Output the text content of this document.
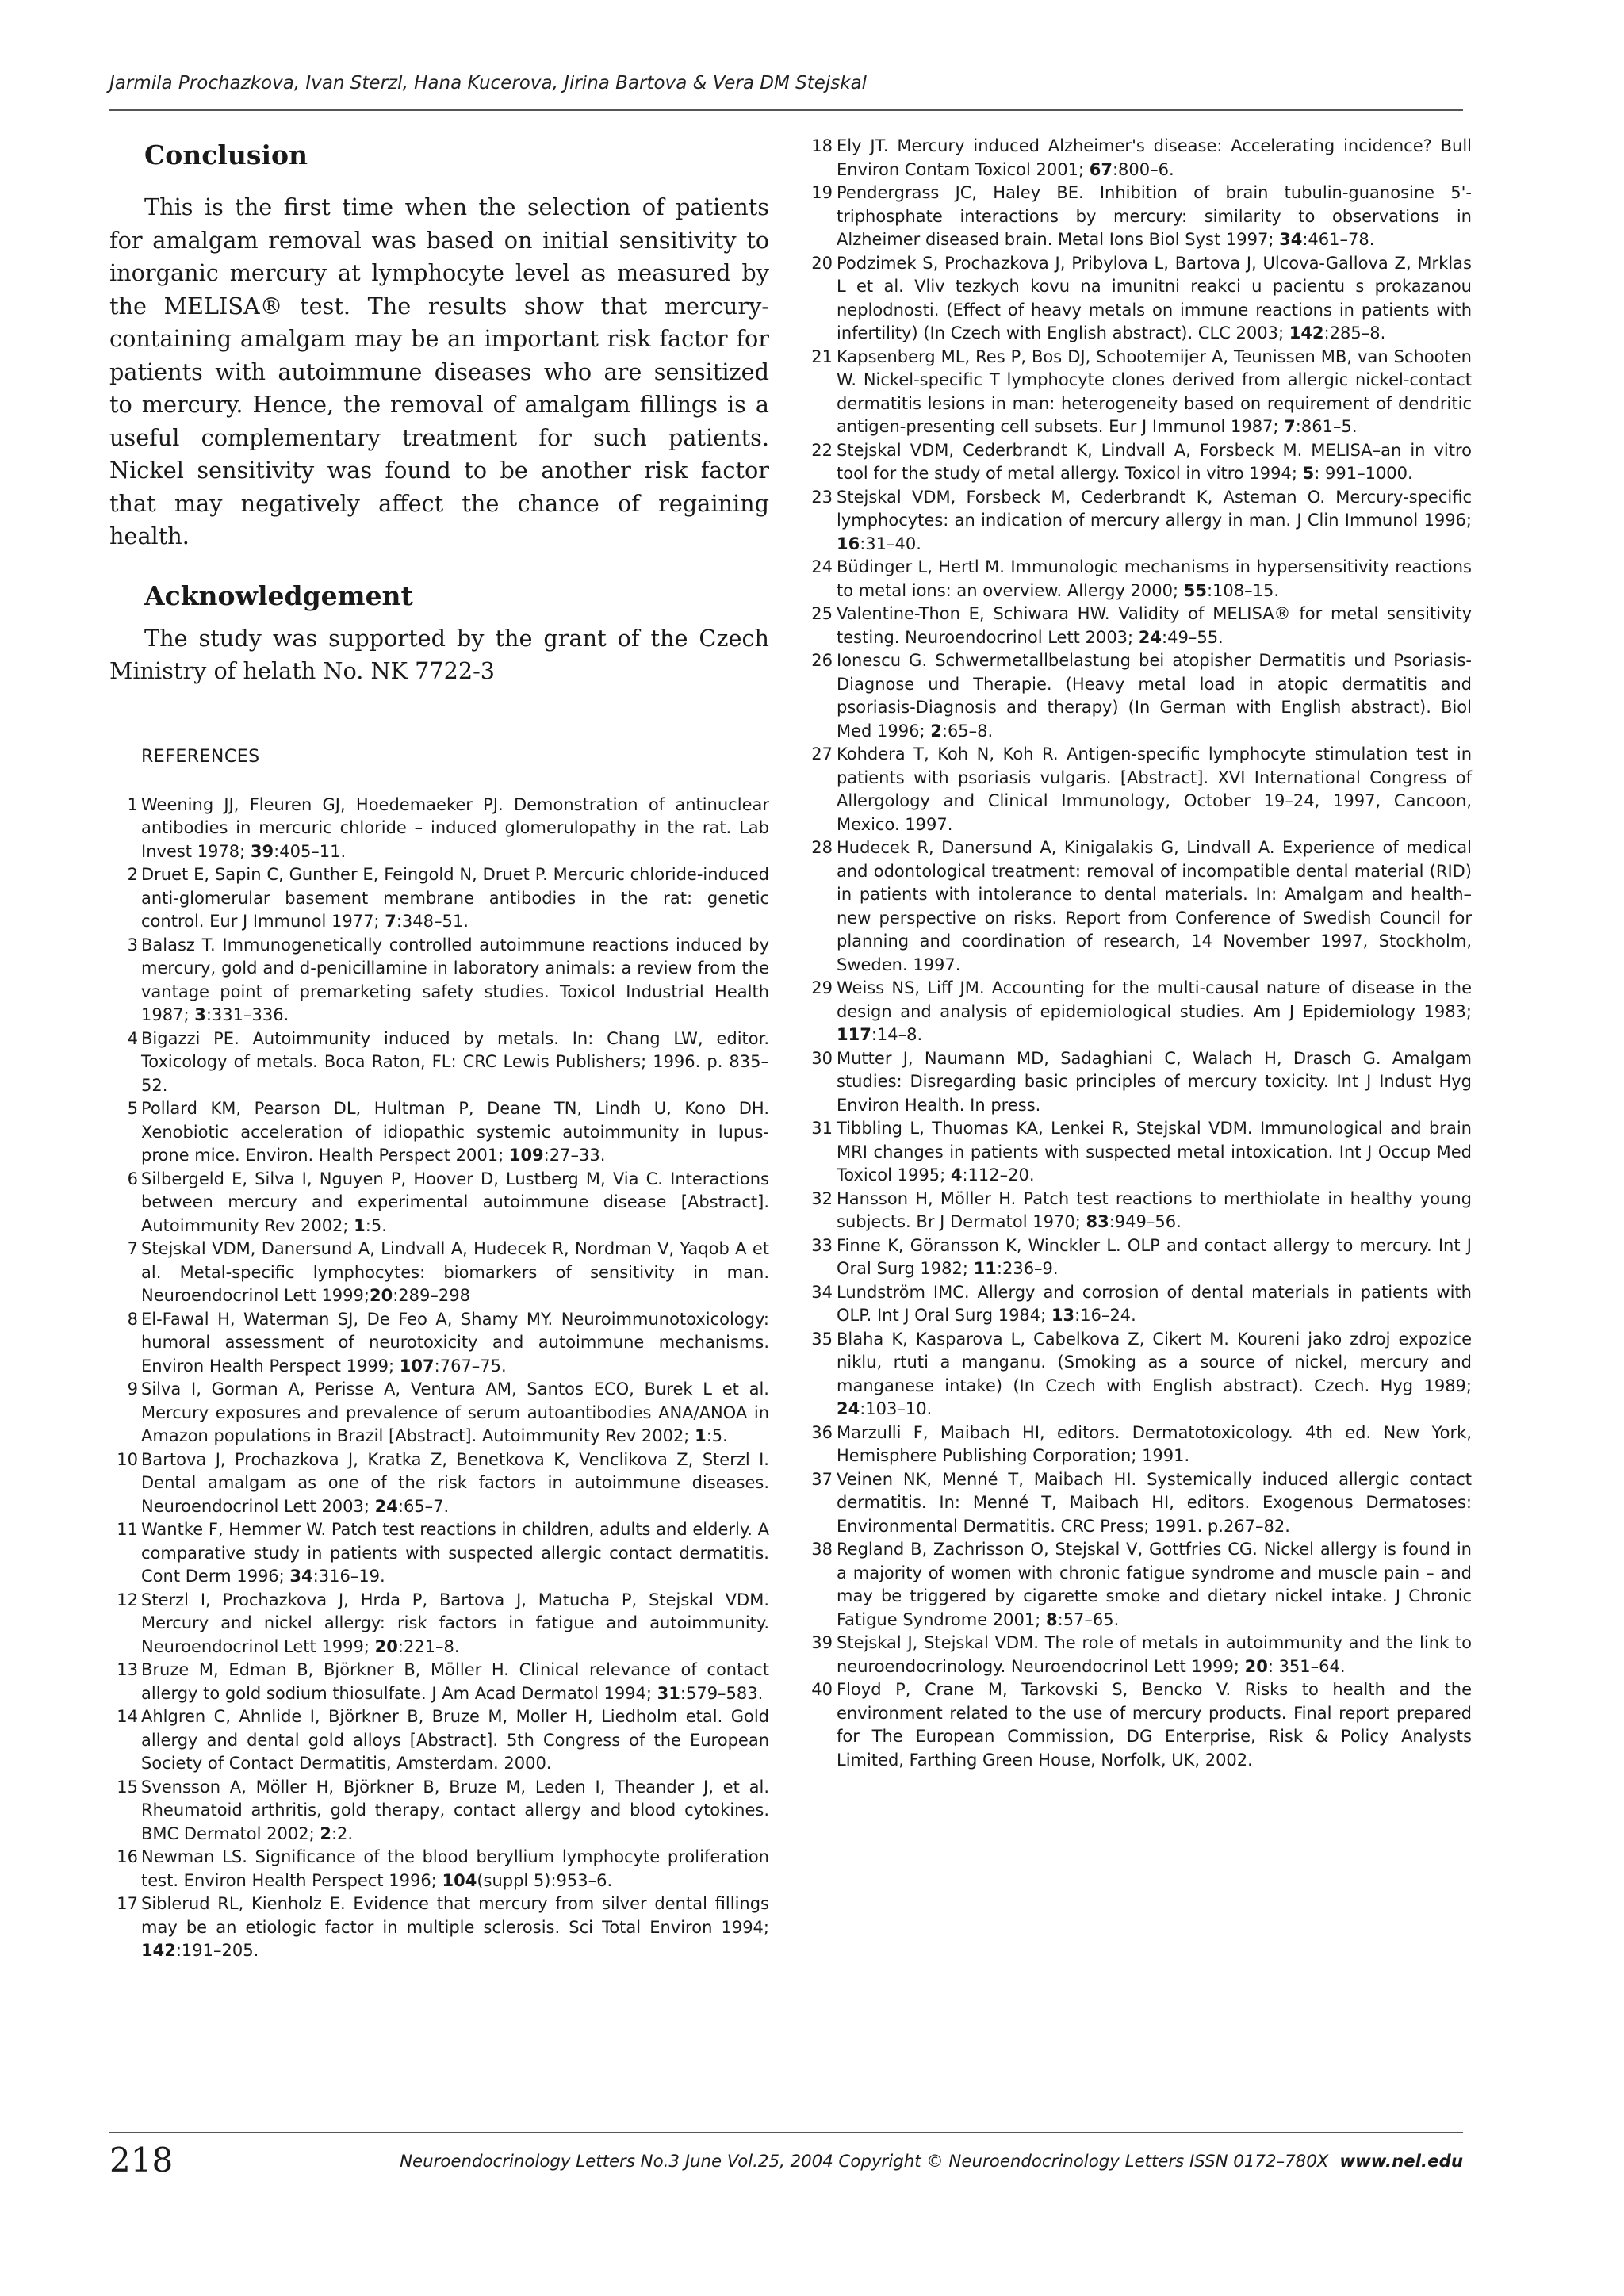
Jarmila Prochazkova, Ivan Sterzl, Hana Kucerova, Jirina Bartova & Vera DM Stejskal
Conclusion

This is the first time when the selection of patients for amalgam removal was based on initial sensitivity to inorganic mercury at lymphocyte level as measured by the MELISA® test. The results show that mercury-containing amalgam may be an important risk factor for patients with autoimmune diseases who are sensitized to mercury. Hence, the removal of amalgam fillings is a useful complementary treatment for such patients. Nickel sensitivity was found to be another risk factor that may negatively affect the chance of regaining health.

Acknowledgement

The study was supported by the grant of the Czech Ministry of helath No. NK 7722-3

REFERENCES
1 Weening JJ, Fleuren GJ, Hoedemaeker PJ. Demonstration of antinuclear antibodies in mercuric chloride – induced glomerulopathy in the rat. Lab Invest 1978; 39:405–11.
2 Druet E, Sapin C, Gunther E, Feingold N, Druet P. Mercuric chloride-induced anti-glomerular basement membrane antibodies in the rat: genetic control. Eur J Immunol 1977; 7:348–51.
3 Balasz T. Immunogenetically controlled autoimmune reactions induced by mercury, gold and d-penicillamine in laboratory animals: a review from the vantage point of premarketing safety studies. Toxicol Industrial Health 1987; 3:331–336.
4 Bigazzi PE. Autoimmunity induced by metals. In: Chang LW, editor. Toxicology of metals. Boca Raton, FL: CRC Lewis Publishers; 1996. p. 835–52.
5 Pollard KM, Pearson DL, Hultman P, Deane TN, Lindh U, Kono DH. Xenobiotic acceleration of idiopathic systemic autoimmunity in lupus-prone mice. Environ. Health Perspect 2001; 109:27–33.
6 Silbergeld E, Silva I, Nguyen P, Hoover D, Lustberg M, Via C. Interactions between mercury and experimental autoimmune disease [Abstract]. Autoimmunity Rev 2002; 1:5.
7 Stejskal VDM, Danersund A, Lindvall A, Hudecek R, Nordman V, Yaqob A et al. Metal-specific lymphocytes: biomarkers of sensitivity in man. Neuroendocrinol Lett 1999;20:289–298
8 El-Fawal H, Waterman SJ, De Feo A, Shamy MY. Neuroimmunotoxicology: humoral assessment of neurotoxicity and autoimmune mechanisms. Environ Health Perspect 1999; 107:767–75.
9 Silva I, Gorman A, Perisse A, Ventura AM, Santos ECO, Burek L et al. Mercury exposures and prevalence of serum autoantibodies ANA/ANOA in Amazon populations in Brazil [Abstract]. Autoimmunity Rev 2002; 1:5.
10 Bartova J, Prochazkova J, Kratka Z, Benetkova K, Venclikova Z, Sterzl I. Dental amalgam as one of the risk factors in autoimmune diseases. Neuroendocrinol Lett 2003; 24:65–7.
11 Wantke F, Hemmer W. Patch test reactions in children, adults and elderly. A comparative study in patients with suspected allergic contact dermatitis. Cont Derm 1996; 34:316–19.
12 Sterzl I, Prochazkova J, Hrda P, Bartova J, Matucha P, Stejskal VDM. Mercury and nickel allergy: risk factors in fatigue and autoimmunity. Neuroendocrinol Lett 1999; 20:221–8.
13 Bruze M, Edman B, Björkner B, Möller H. Clinical relevance of contact allergy to gold sodium thiosulfate. J Am Acad Dermatol 1994; 31:579–583.
14 Ahlgren C, Ahnlide I, Björkner B, Bruze M, Moller H, Liedholm etal. Gold allergy and dental gold alloys [Abstract]. 5th Congress of the European Society of Contact Dermatitis, Amsterdam. 2000.
15 Svensson A, Möller H, Björkner B, Bruze M, Leden I, Theander J, et al. Rheumatoid arthritis, gold therapy, contact allergy and blood cytokines. BMC Dermatol 2002; 2:2.
16 Newman LS. Significance of the blood beryllium lymphocyte proliferation test. Environ Health Perspect 1996; 104(suppl 5):953–6.
17 Siblerud RL, Kienholz E. Evidence that mercury from silver dental fillings may be an etiologic factor in multiple sclerosis. Sci Total Environ 1994; 142:191–205.
18 Ely JT. Mercury induced Alzheimer's disease: Accelerating incidence? Bull Environ Contam Toxicol 2001; 67:800–6.
19 Pendergrass JC, Haley BE. Inhibition of brain tubulin-guanosine 5'-triphosphate interactions by mercury: similarity to observations in Alzheimer diseased brain. Metal Ions Biol Syst 1997; 34:461–78.
20 Podzimek S, Prochazkova J, Pribylova L, Bartova J, Ulcova-Gallova Z, Mrklas L et al. Vliv tezkych kovu na imunitni reakci u pacientu s prokazanou neplodnosti. (Effect of heavy metals on immune reactions in patients with infertility) (In Czech with English abstract). CLC 2003; 142:285–8.
21 Kapsenberg ML, Res P, Bos DJ, Schootemijer A, Teunissen MB, van Schooten W. Nickel-specific T lymphocyte clones derived from allergic nickel-contact dermatitis lesions in man: heterogeneity based on requirement of dendritic antigen-presenting cell subsets. Eur J Immunol 1987; 7:861–5.
22 Stejskal VDM, Cederbrandt K, Lindvall A, Forsbeck M. MELISA–an in vitro tool for the study of metal allergy. Toxicol in vitro 1994; 5: 991–1000.
23 Stejskal VDM, Forsbeck M, Cederbrandt K, Asteman O. Mercury-specific lymphocytes: an indication of mercury allergy in man. J Clin Immunol 1996; 16:31–40.
24 Büdinger L, Hertl M. Immunologic mechanisms in hypersensitivity reactions to metal ions: an overview. Allergy 2000; 55:108–15.
25 Valentine-Thon E, Schiwara HW. Validity of MELISA® for metal sensitivity testing. Neuroendocrinol Lett 2003; 24:49–55.
26 Ionescu G. Schwermetallbelastung bei atopisher Dermatitis und Psoriasis-Diagnose und Therapie. (Heavy metal load in atopic dermatitis and psoriasis-Diagnosis and therapy) (In German with English abstract). Biol Med 1996; 2:65–8.
27 Kohdera T, Koh N, Koh R. Antigen-specific lymphocyte stimulation test in patients with psoriasis vulgaris. [Abstract]. XVI International Congress of Allergology and Clinical Immunology, October 19–24, 1997, Cancoon, Mexico. 1997.
28 Hudecek R, Danersund A, Kinigalakis G, Lindvall A. Experience of medical and odontological treatment: removal of incompatible dental material (RID) in patients with intolerance to dental materials. In: Amalgam and health–new perspective on risks. Report from Conference of Swedish Council for planning and coordination of research, 14 November 1997, Stockholm, Sweden. 1997.
29 Weiss NS, Liff JM. Accounting for the multi-causal nature of disease in the design and analysis of epidemiological studies. Am J Epidemiology 1983; 117:14–8.
30 Mutter J, Naumann MD, Sadaghiani C, Walach H, Drasch G. Amalgam studies: Disregarding basic principles of mercury toxicity. Int J Indust Hyg Environ Health. In press.
31 Tibbling L, Thuomas KA, Lenkei R, Stejskal VDM. Immunological and brain MRI changes in patients with suspected metal intoxication. Int J Occup Med Toxicol 1995; 4:112–20.
32 Hansson H, Möller H. Patch test reactions to merthiolate in healthy young subjects. Br J Dermatol 1970; 83:949–56.
33 Finne K, Göransson K, Winckler L. OLP and contact allergy to mercury. Int J Oral Surg 1982; 11:236–9.
34 Lundström IMC. Allergy and corrosion of dental materials in patients with OLP. Int J Oral Surg 1984; 13:16–24.
35 Blaha K, Kasparova L, Cabelkova Z, Cikert M. Koureni jako zdroj expozice niklu, rtuti a manganu. (Smoking as a source of nickel, mercury and manganese intake) (In Czech with English abstract). Czech. Hyg 1989; 24:103–10.
36 Marzulli F, Maibach HI, editors. Dermatotoxicology. 4th ed. New York, Hemisphere Publishing Corporation; 1991.
37 Veinen NK, Menné T, Maibach HI. Systemically induced allergic contact dermatitis. In: Menné T, Maibach HI, editors. Exogenous Dermatoses: Environmental Dermatitis. CRC Press; 1991. p.267–82.
38 Regland B, Zachrisson O, Stejskal V, Gottfries CG. Nickel allergy is found in a majority of women with chronic fatigue syndrome and muscle pain – and may be triggered by cigarette smoke and dietary nickel intake. J Chronic Fatigue Syndrome 2001; 8:57–65.
39 Stejskal J, Stejskal VDM. The role of metals in autoimmunity and the link to neuroendocrinology. Neuroendocrinol Lett 1999; 20: 351–64.
40 Floyd P, Crane M, Tarkovski S, Bencko V. Risks to health and the environment related to the use of mercury products. Final report prepared for The European Commission, DG Enterprise, Risk & Policy Analysts Limited, Farthing Green House, Norfolk, UK, 2002.
218	Neuroendocrinology Letters No.3 June Vol.25, 2004 Copyright © Neuroendocrinology Letters ISSN 0172–780X www.nel.edu
